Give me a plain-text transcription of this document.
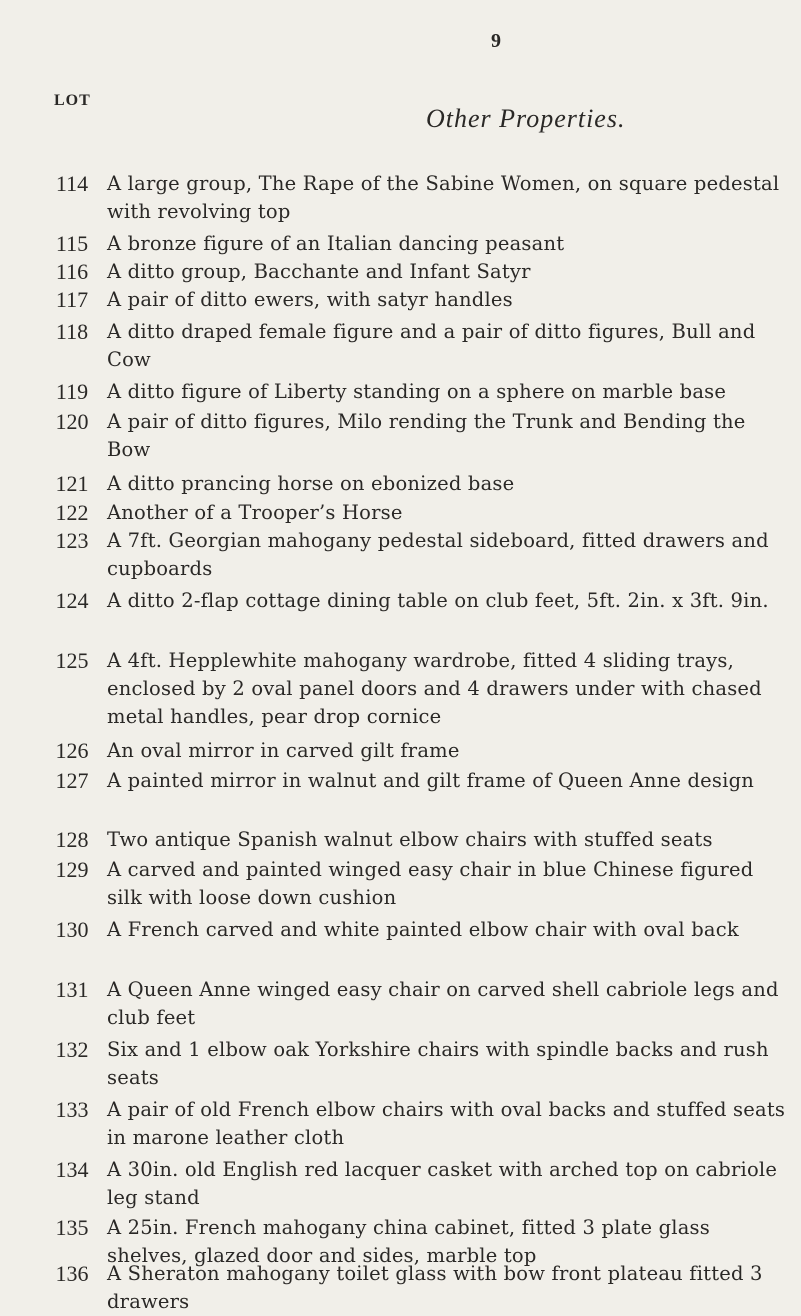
LOT
9
Other Properties.
114 A large group, The Rape of the Sabine Women, on square pedestal with revolving top
115 A bronze figure of an Italian dancing peasant
116 A ditto group, Bacchante and Infant Satyr
117 A pair of ditto ewers, with satyr handles
118 A ditto draped female figure and a pair of ditto figures, Bull and Cow
119 A ditto figure of Liberty standing on a sphere on marble base
120 A pair of ditto figures, Milo rending the Trunk and Bending the Bow
121 A ditto prancing horse on ebonized base
122 Another of a Trooper’s Horse
123 A 7ft. Georgian mahogany pedestal sideboard, fitted drawers and cupboards
124 A ditto 2-flap cottage dining table on club feet, 5ft. 2in. x 3ft. 9in.
125 A 4ft. Hepplewhite mahogany wardrobe, fitted 4 sliding trays, enclosed by 2 oval panel doors and 4 drawers under with chased metal handles, pear drop cornice
126 An oval mirror in carved gilt frame
127 A painted mirror in walnut and gilt frame of Queen Anne design
128 Two antique Spanish walnut elbow chairs with stuffed seats
129 A carved and painted winged easy chair in blue Chinese figured silk with loose down cushion
130 A French carved and white painted elbow chair with oval back
131 A Queen Anne winged easy chair on carved shell cabriole legs and club feet
132 Six and 1 elbow oak Yorkshire chairs with spindle backs and rush seats
133 A pair of old French elbow chairs with oval backs and stuffed seats in marone leather cloth
134 A 30in. old English red lacquer casket with arched top on cabriole leg stand
135 A 25in. French mahogany china cabinet, fitted 3 plate glass shelves, glazed door and sides, marble top
136 A Sheraton mahogany toilet glass with bow front plateau fitted 3 drawers
